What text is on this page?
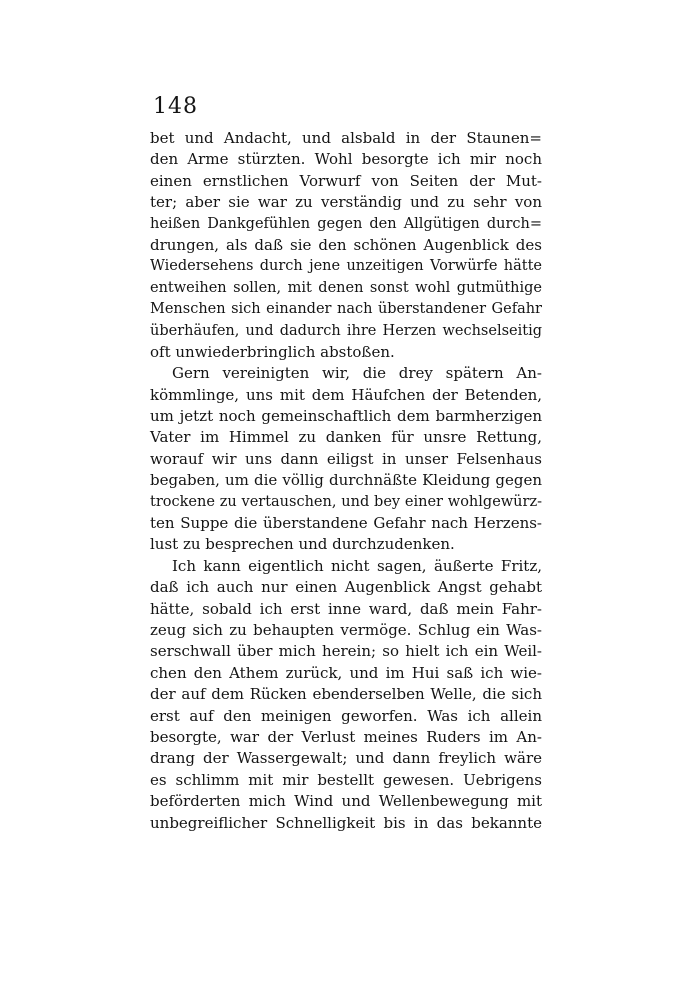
148
bet und Andacht, und alsbald in der Staunen=
den Arme stürzten. Wohl besorgte ich mir noch
einen ernstlichen Vorwurf von Seiten der Mut-
ter; aber sie war zu verständig und zu sehr von
heißen Dankgefühlen gegen den Allgütigen durch=
drungen, als daß sie den schönen Augenblick des
Wiedersehens durch jene unzeitigen Vorwürfe hätte
entweihen sollen, mit denen sonst wohl gutmüthige
Menschen sich einander nach überstandener Gefahr
überhäufen, und dadurch ihre Herzen wechselseitig
oft unwiederbringlich abstoßen.
Gern vereinigten wir, die drey spätern An-
kömmlinge, uns mit dem Häufchen der Betenden,
um jetzt noch gemeinschaftlich dem barmherzigen
Vater im Himmel zu danken für unsre Rettung,
worauf wir uns dann eiligst in unser Felsenhaus
begaben, um die völlig durchnäßte Kleidung gegen
trockene zu vertauschen, und bey einer wohlgewürz-
ten Suppe die überstandene Gefahr nach Herzens-
lust zu besprechen und durchzudenken.
Ich kann eigentlich nicht sagen, äußerte Fritz,
daß ich auch nur einen Augenblick Angst gehabt
hätte, sobald ich erst inne ward, daß mein Fahr-
zeug sich zu behaupten vermöge. Schlug ein Was-
serschwall über mich herein; so hielt ich ein Weil-
chen den Athem zurück, und im Hui saß ich wie-
der auf dem Rücken ebenderselben Welle, die sich
erst auf den meinigen geworfen. Was ich allein
besorgte, war der Verlust meines Ruders im An-
drang der Wassergewalt; und dann freylich wäre
es schlimm mit mir bestellt gewesen. Uebrigens
beförderten mich Wind und Wellenbewegung mit
unbegreiflicher Schnelligkeit bis in das bekannte
